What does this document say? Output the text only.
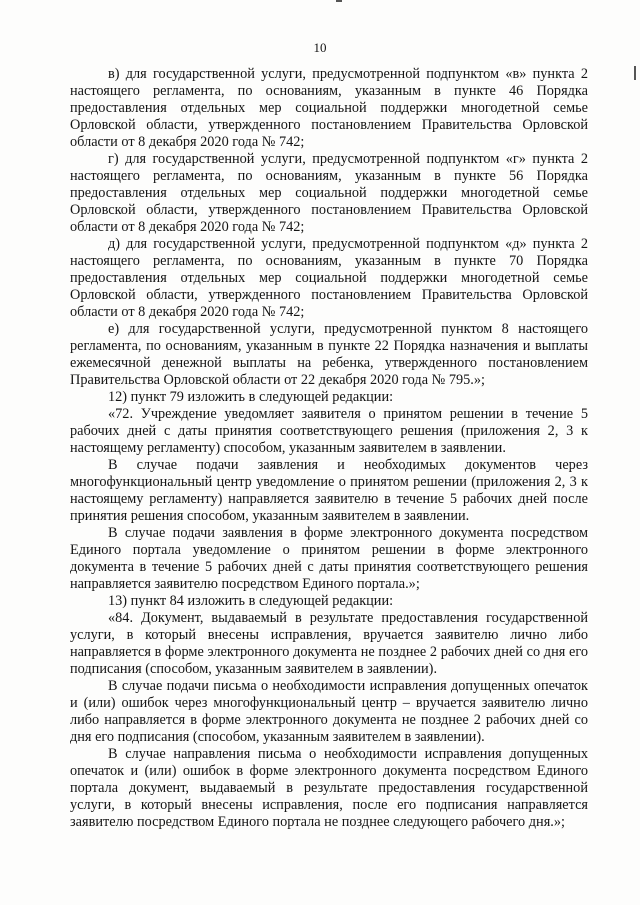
10

в) для государственной услуги, предусмотренной подпунктом «в» пункта 2 настоящего регламента, по основаниям, указанным в пункте 46 Порядка предоставления отдельных мер социальной поддержки многодетной семье Орловской области, утвержденного постановлением Правительства Орловской области от 8 декабря 2020 года № 742;

г) для государственной услуги, предусмотренной подпунктом «г» пункта 2 настоящего регламента, по основаниям, указанным в пункте 56 Порядка предоставления отдельных мер социальной поддержки многодетной семье Орловской области, утвержденного постановлением Правительства Орловской области от 8 декабря 2020 года № 742;

д) для государственной услуги, предусмотренной подпунктом «д» пункта 2 настоящего регламента, по основаниям, указанным в пункте 70 Порядка предоставления отдельных мер социальной поддержки многодетной семье Орловской области, утвержденного постановлением Правительства Орловской области от 8 декабря 2020 года № 742;

е) для государственной услуги, предусмотренной пунктом 8 настоящего регламента, по основаниям, указанным в пункте 22 Порядка назначения и выплаты ежемесячной денежной выплаты на ребенка, утвержденного постановлением Правительства Орловской области от 22 декабря 2020 года № 795.»;

12) пункт 79 изложить в следующей редакции:

«72. Учреждение уведомляет заявителя о принятом решении в течение 5 рабочих дней с даты принятия соответствующего решения (приложения 2, 3 к настоящему регламенту) способом, указанным заявителем в заявлении.

В случае подачи заявления и необходимых документов через многофункциональный центр уведомление о принятом решении (приложения 2, 3 к настоящему регламенту) направляется заявителю в течение 5 рабочих дней после принятия решения способом, указанным заявителем в заявлении.

В случае подачи заявления в форме электронного документа посредством Единого портала уведомление о принятом решении в форме электронного документа в течение 5 рабочих дней с даты принятия соответствующего решения направляется заявителю посредством Единого портала.»;

13) пункт 84 изложить в следующей редакции:

«84. Документ, выдаваемый в результате предоставления государственной услуги, в который внесены исправления, вручается заявителю лично либо направляется в форме электронного документа не позднее 2 рабочих дней со дня его подписания (способом, указанным заявителем в заявлении).

В случае подачи письма о необходимости исправления допущенных опечаток и (или) ошибок через многофункциональный центр – вручается заявителю лично либо направляется в форме электронного документа не позднее 2 рабочих дней со дня его подписания (способом, указанным заявителем в заявлении).

В случае направления письма о необходимости исправления допущенных опечаток и (или) ошибок в форме электронного документа посредством Единого портала документ, выдаваемый в результате предоставления государственной услуги, в который внесены исправления, после его подписания направляется заявителю посредством Единого портала не позднее следующего рабочего дня.»;
